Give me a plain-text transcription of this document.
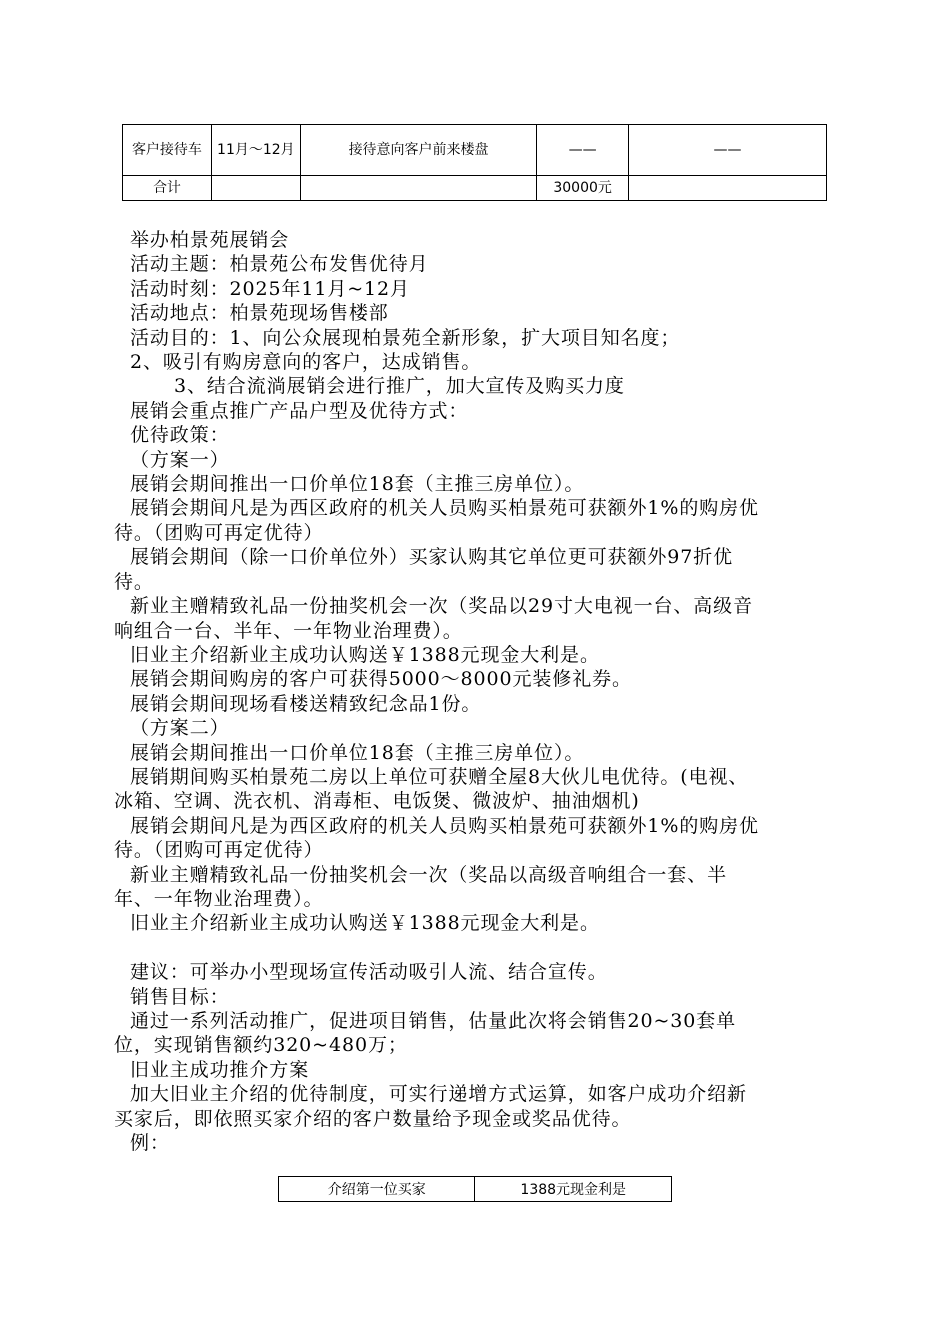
客户接待车	11月～12月	接待意向客户前来楼盘	——	——
合计			30000元	

举办柏景苑展销会

活动主题：柏景苑公布发售优待月

活动时刻：2025年11月~12月

活动地点：柏景苑现场售楼部

活动目的：1、向公众展现柏景苑全新形象，扩大项目知名度；

2、吸引有购房意向的客户，达成销售。

3、结合流淌展销会进行推广，加大宣传及购买力度

展销会重点推广产品户型及优待方式：

优待政策：

（方案一）

展销会期间推出一口价单位18套（主推三房单位）。

展销会期间凡是为西区政府的机关人员购买柏景苑可获额外1%的购房优

待。（团购可再定优待）

展销会期间（除一口价单位外）买家认购其它单位更可获额外97折优

待。

新业主赠精致礼品一份抽奖机会一次（奖品以29寸大电视一台、高级音

响组合一台、半年、一年物业治理费）。

旧业主介绍新业主成功认购送￥1388元现金大利是。

展销会期间购房的客户可获得5000～8000元装修礼券。

展销会期间现场看楼送精致纪念品1份。

（方案二）

展销会期间推出一口价单位18套（主推三房单位）。

展销期间购买柏景苑二房以上单位可获赠全屋8大伙儿电优待。(电视、

冰箱、空调、洗衣机、消毒柜、电饭煲、微波炉、抽油烟机)

展销会期间凡是为西区政府的机关人员购买柏景苑可获额外1%的购房优

待。（团购可再定优待）

新业主赠精致礼品一份抽奖机会一次（奖品以高级音响组合一套、半

年、一年物业治理费）。

旧业主介绍新业主成功认购送￥1388元现金大利是。

建议：可举办小型现场宣传活动吸引人流、结合宣传。

销售目标：

通过一系列活动推广，促进项目销售，估量此次将会销售20~30套单

位，实现销售额约320~480万；

旧业主成功推介方案

加大旧业主介绍的优待制度，可实行递增方式运算，如客户成功介绍新

买家后，即依照买家介绍的客户数量给予现金或奖品优待。

例：

介绍第一位买家	1388元现金利是
